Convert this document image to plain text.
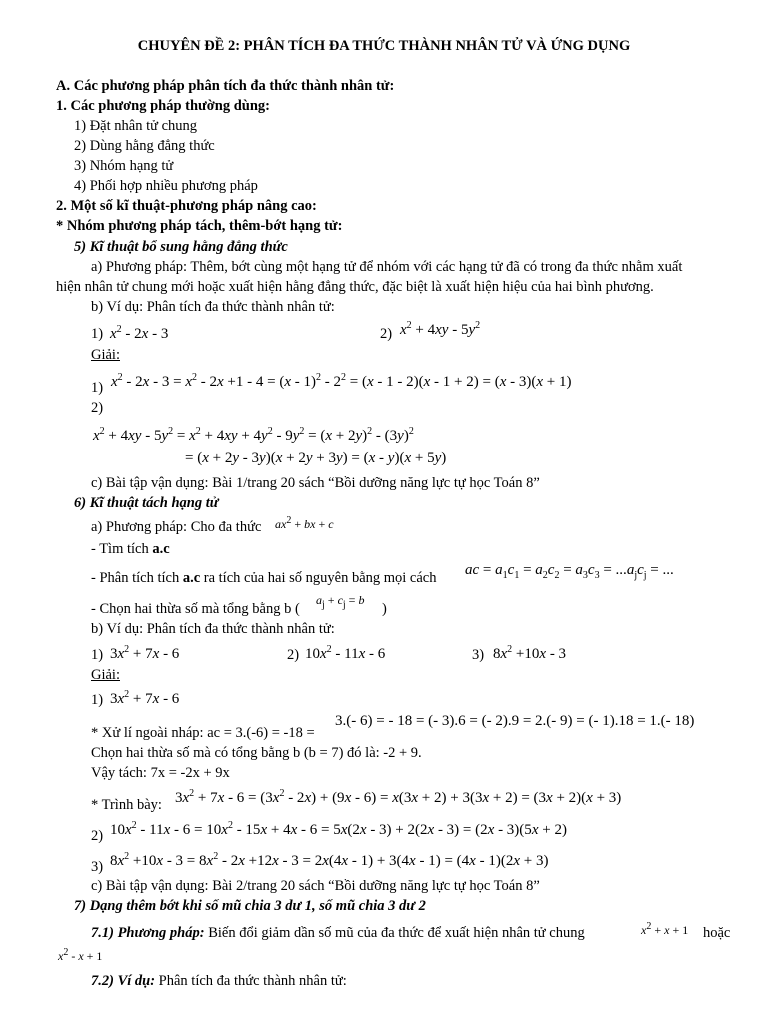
CHUYÊN ĐỀ 2: PHÂN TÍCH ĐA THỨC THÀNH NHÂN TỬ VÀ ỨNG DỤNG
A. Các phương pháp phân tích đa thức thành nhân tử:
1. Các phương pháp thường dùng:
1) Đặt nhân tử chung
2) Dùng hằng đẳng thức
3) Nhóm hạng tử
4) Phối hợp nhiều phương pháp
2. Một số kĩ thuật-phương pháp nâng cao:
* Nhóm phương pháp tách, thêm-bớt hạng tử:
5) Kĩ thuật bổ sung hằng đẳng thức
a) Phương pháp: Thêm, bớt cùng một hạng tử để nhóm với các hạng tử đã có trong đa thức nhằm xuất
hiện nhân tử chung mới hoặc xuất hiện hằng đẳng thức, đặc biệt là xuất hiện hiệu của hai bình phương.
b) Ví dụ: Phân tích đa thức thành nhân tử:
1) $x^2 - 2x - 3$	2) $x^2 + 4xy - 5y^2$
Giải:
1) $x^2 - 2x - 3 = x^2 - 2x +1 - 4 = (x - 1)^2 - 2^2 = (x - 1 - 2)(x - 1 + 2) = (x - 3)(x + 1)$
2)
$x^2 + 4xy - 5y^2 = x^2 + 4xy + 4y^2 - 9y^2 = (x + 2y)^2 - (3y)^2$
= (x + 2y - 3y)(x + 2y + 3y) = (x - y)(x + 5y)
c) Bài tập vận dụng: Bài 1/trang 20 sách “Bồi dưỡng năng lực tự học Toán 8”
6) Kĩ thuật tách hạng tử
a) Phương pháp: Cho đa thức $ax^2$ + bx + c
- Tìm tích a.c
- Phân tích tích a.c ra tích của hai số nguyên bằng mọi cách ac = $a_1c_1 = a_2c_2 = a_3c_3 = ...a_jc_j$ = ...
- Chọn hai thừa số mà tổng bằng b (
$a_j + c_j = b$
)
b) Ví dụ: Phân tích đa thức thành nhân tử:
1) $3x^2 + 7x - 6$	2) $10x^2 - 11x - 6$	3) $8x^2 +10x - 3$
Giải:
1) $3x^2 + 7x - 6$
* Xử lí ngoài nháp: ac = 3.(-6) = -18 =
3.(- 6) = - 18 = (- 3).6 = (- 2).9 = 2.(- 9) = (- 1).18 = 1.(- 18)
Chọn hai thừa số mà có tổng bằng b (b = 7) đó là: -2 + 9.
Vậy tách: 7x = -2x + 9x
* Trình bày: $3x^2 + 7x - 6 = (3x^2 - 2x) + (9x - 6) = x(3x + 2) + 3(3x + 2) = (3x + 2)(x + 3)$
2) $10x^2 - 11x - 6 = 10x^2 - 15x + 4x - 6 = 5x(2x - 3) + 2(2x - 3) = (2x - 3)(5x + 2)$
3) $8x^2 +10x - 3 = 8x^2 - 2x +12x - 3 = 2x(4x - 1) + 3(4x - 1) = (4x - 1)(2x + 3)$
c) Bài tập vận dụng: Bài 2/trang 20 sách “Bồi dưỡng năng lực tự học Toán 8”
7) Dạng thêm bớt khi số mũ chia 3 dư 1, số mũ chia 3 dư 2
7.1) Phương pháp: Biến đổi giảm dần số mũ của đa thức để xuất hiện nhân tử chung	$x^2 + x + 1$ hoặc
$x^2 - x + 1$
7.2) Ví dụ: Phân tích đa thức thành nhân tử:
